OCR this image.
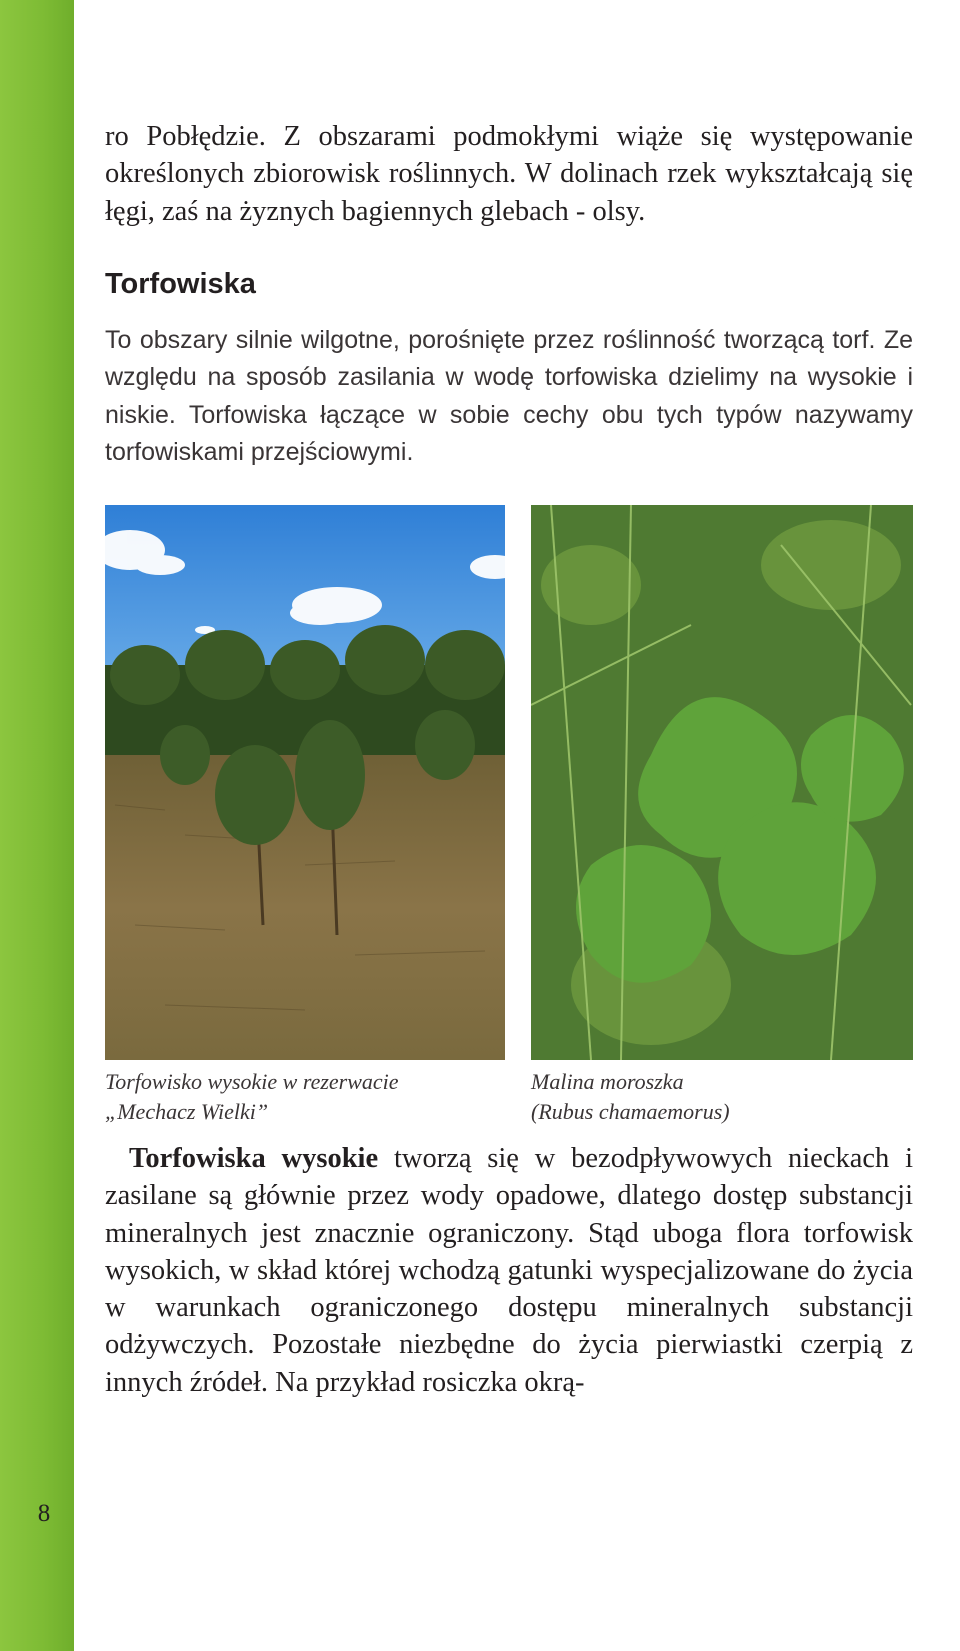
ro Pobłędzie. Z obszarami podmokłymi wiąże się występowanie określonych zbiorowisk roślinnych. W dolinach rzek wykształcają się łęgi, zaś na żyznych bagiennych glebach - olsy.

Torfowiska

To obszary silnie wilgotne, porośnięte przez roślinność tworzącą torf. Ze względu na sposób zasilania w wodę torfowiska dzielimy na wysokie i niskie. Torfowiska łączące w sobie cechy obu tych typów nazywamy torfowiskami przejściowymi.

Torfowisko wysokie w rezerwacie
„Mechacz Wielki”

Malina moroszka
(Rubus chamaemorus)

Torfowiska wysokie tworzą się w bezodpływowych nieckach i zasilane są głównie przez wody opadowe, dlatego dostęp substancji mineralnych jest znacznie ograniczony. Stąd uboga flora torfowisk wysokich, w skład której wchodzą gatunki wyspecjalizowane do życia w warunkach ograniczonego dostępu mineralnych substancji odżywczych. Pozostałe niezbędne do życia pierwiastki czerpią z innych źródeł. Na przykład rosiczka okrą-

8
